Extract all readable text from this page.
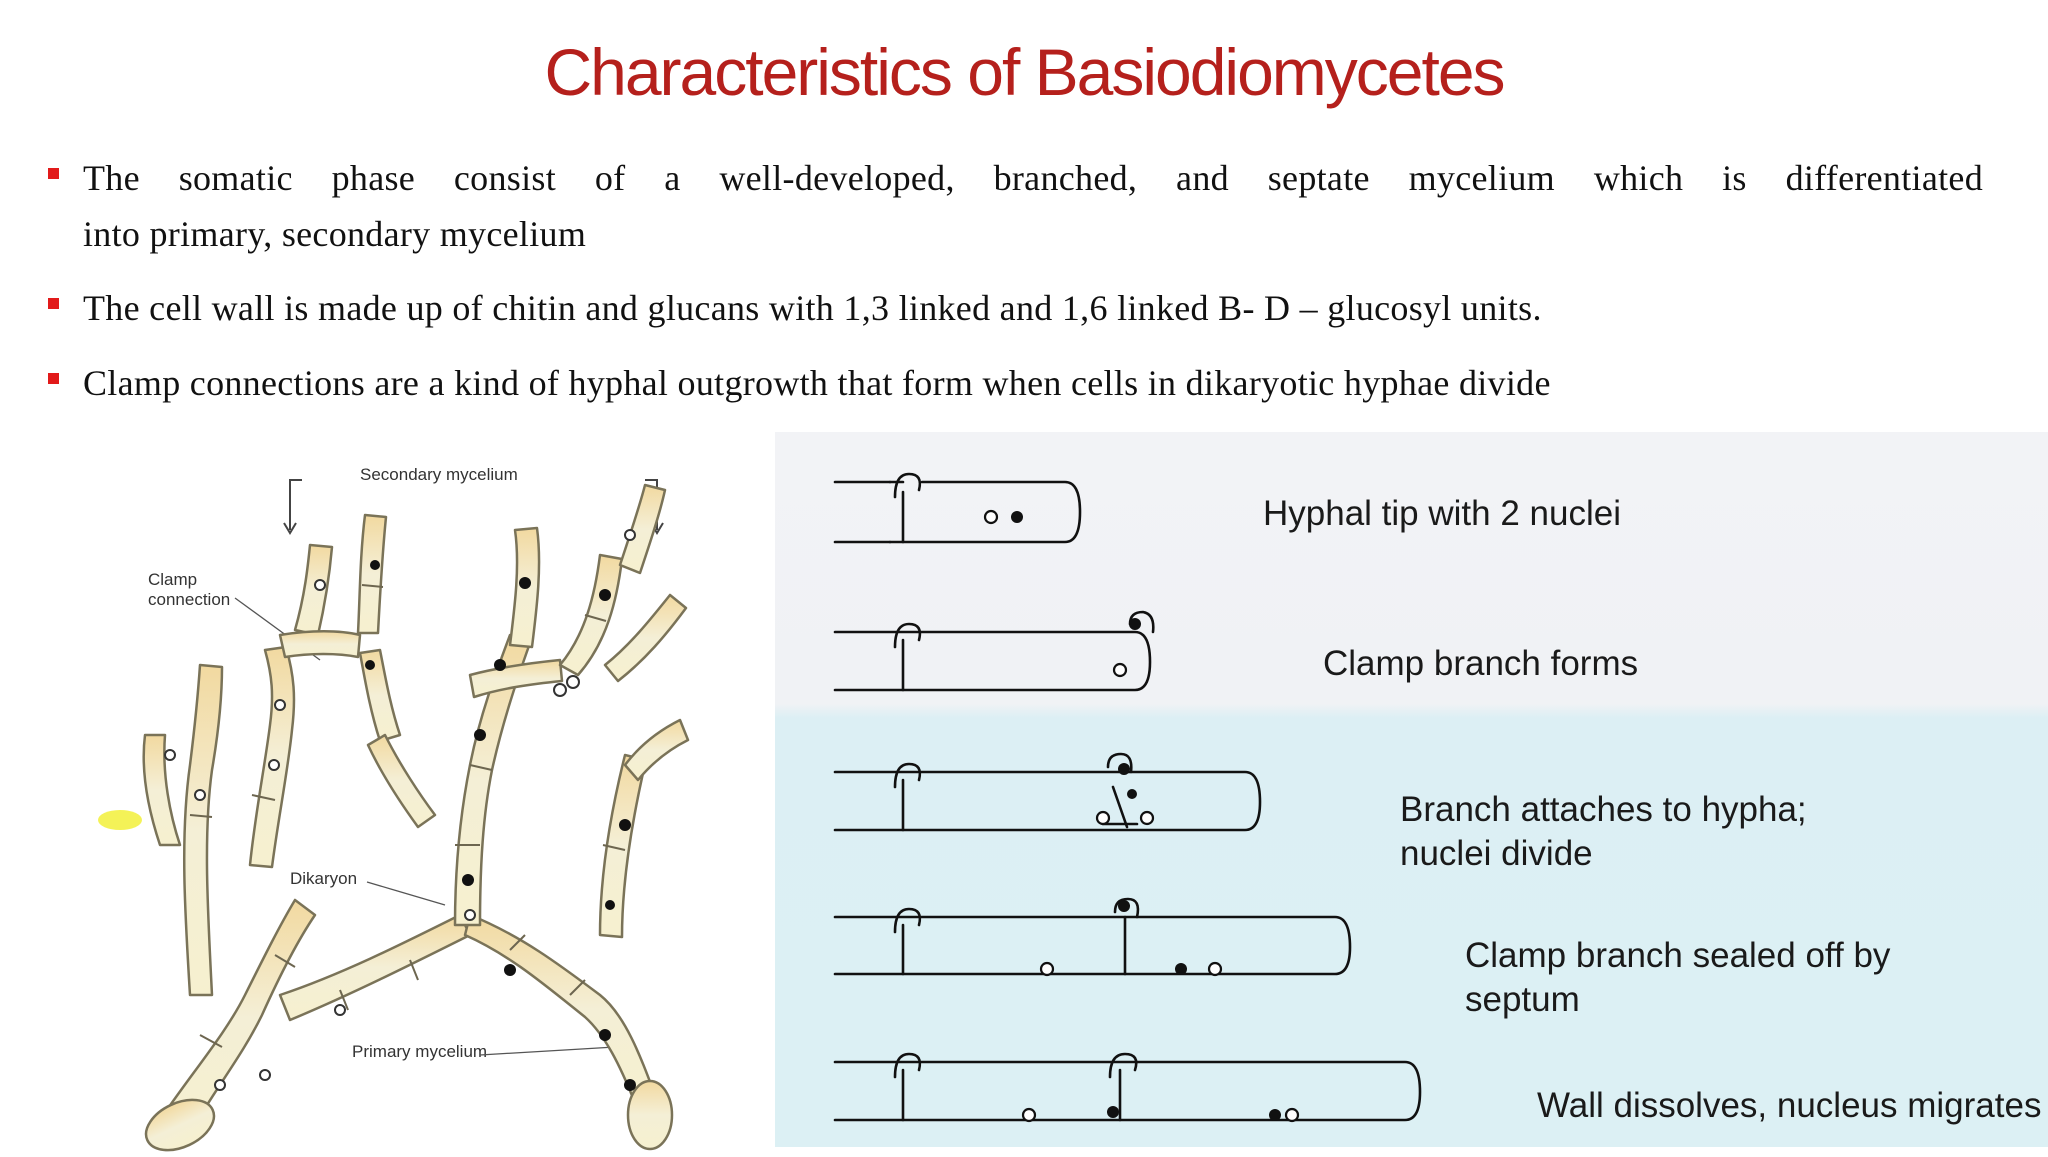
Characteristics of Basiodiomycetes
The somatic phase consist of a well-developed, branched, and septate mycelium which is differentiated
into primary, secondary mycelium
The cell wall is made up of chitin and glucans with 1,3 linked and 1,6 linked B- D – glucosyl units.
Clamp connections are a kind of hyphal outgrowth that form when cells in dikaryotic hyphae divide
Secondary mycelium
Clamp
connection
Dikaryon
Primary mycelium
Hyphal tip with 2 nuclei
Clamp branch forms
Branch attaches to hypha;
nuclei divide
Clamp branch sealed off by
septum
Wall dissolves, nucleus migrates
